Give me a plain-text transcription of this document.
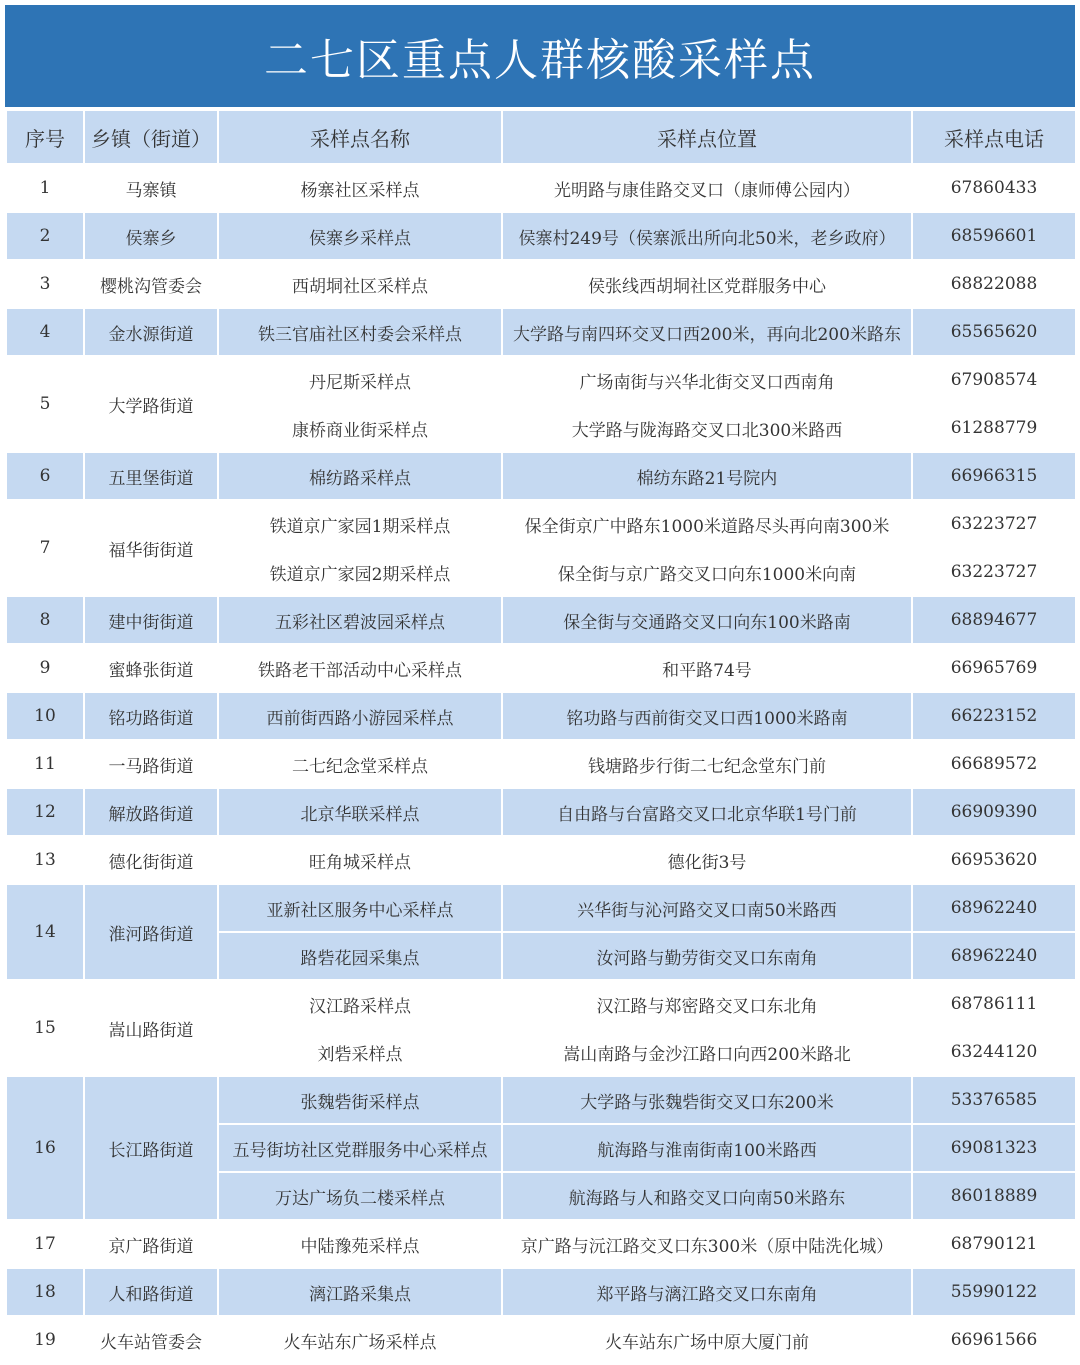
二七区重点人群核酸采样点
序号	乡镇（街道）	采样点名称	采样点位置	采样点电话
1	马寨镇	杨寨社区采样点	光明路与康佳路交叉口（康师傅公园内）	67860433
2	侯寨乡	侯寨乡采样点	侯寨村249号（侯寨派出所向北50米，老乡政府）	68596601
3	樱桃沟管委会	西胡垌社区采样点	侯张线西胡垌社区党群服务中心	68822088
4	金水源街道	铁三官庙社区村委会采样点	大学路与南四环交叉口西200米，再向北200米路东	65565620
5	大学路街道	丹尼斯采样点	广场南街与兴华北街交叉口西南角	67908574
		康桥商业街采样点	大学路与陇海路交叉口北300米路西	61288779
6	五里堡街道	棉纺路采样点	棉纺东路21号院内	66966315
7	福华街街道	铁道京广家园1期采样点	保全街京广中路东1000米道路尽头再向南300米	63223727
		铁道京广家园2期采样点	保全街与京广路交叉口向东1000米向南	63223727
8	建中街街道	五彩社区碧波园采样点	保全街与交通路交叉口向东100米路南	68894677
9	蜜蜂张街道	铁路老干部活动中心采样点	和平路74号	66965769
10	铭功路街道	西前街西路小游园采样点	铭功路与西前街交叉口西1000米路南	66223152
11	一马路街道	二七纪念堂采样点	钱塘路步行街二七纪念堂东门前	66689572
12	解放路街道	北京华联采样点	自由路与台富路交叉口北京华联1号门前	66909390
13	德化街街道	旺角城采样点	德化街3号	66953620
14	淮河路街道	亚新社区服务中心采样点	兴华街与沁河路交叉口南50米路西	68962240
		路砦花园采集点	汝河路与勤劳街交叉口东南角	68962240
15	嵩山路街道	汉江路采样点	汉江路与郑密路交叉口东北角	68786111
		刘砦采样点	嵩山南路与金沙江路口向西200米路北	63244120
16	长江路街道	张魏砦街采样点	大学路与张魏砦街交叉口东200米	53376585
		五号街坊社区党群服务中心采样点	航海路与淮南街南100米路西	69081323
		万达广场负二楼采样点	航海路与人和路交叉口向南50米路东	86018889
17	京广路街道	中陆豫苑采样点	京广路与沅江路交叉口东300米（原中陆洗化城）	68790121
18	人和路街道	漓江路采集点	郑平路与漓江路交叉口东南角	55990122
19	火车站管委会	火车站东广场采样点	火车站东广场中原大厦门前	66961566
